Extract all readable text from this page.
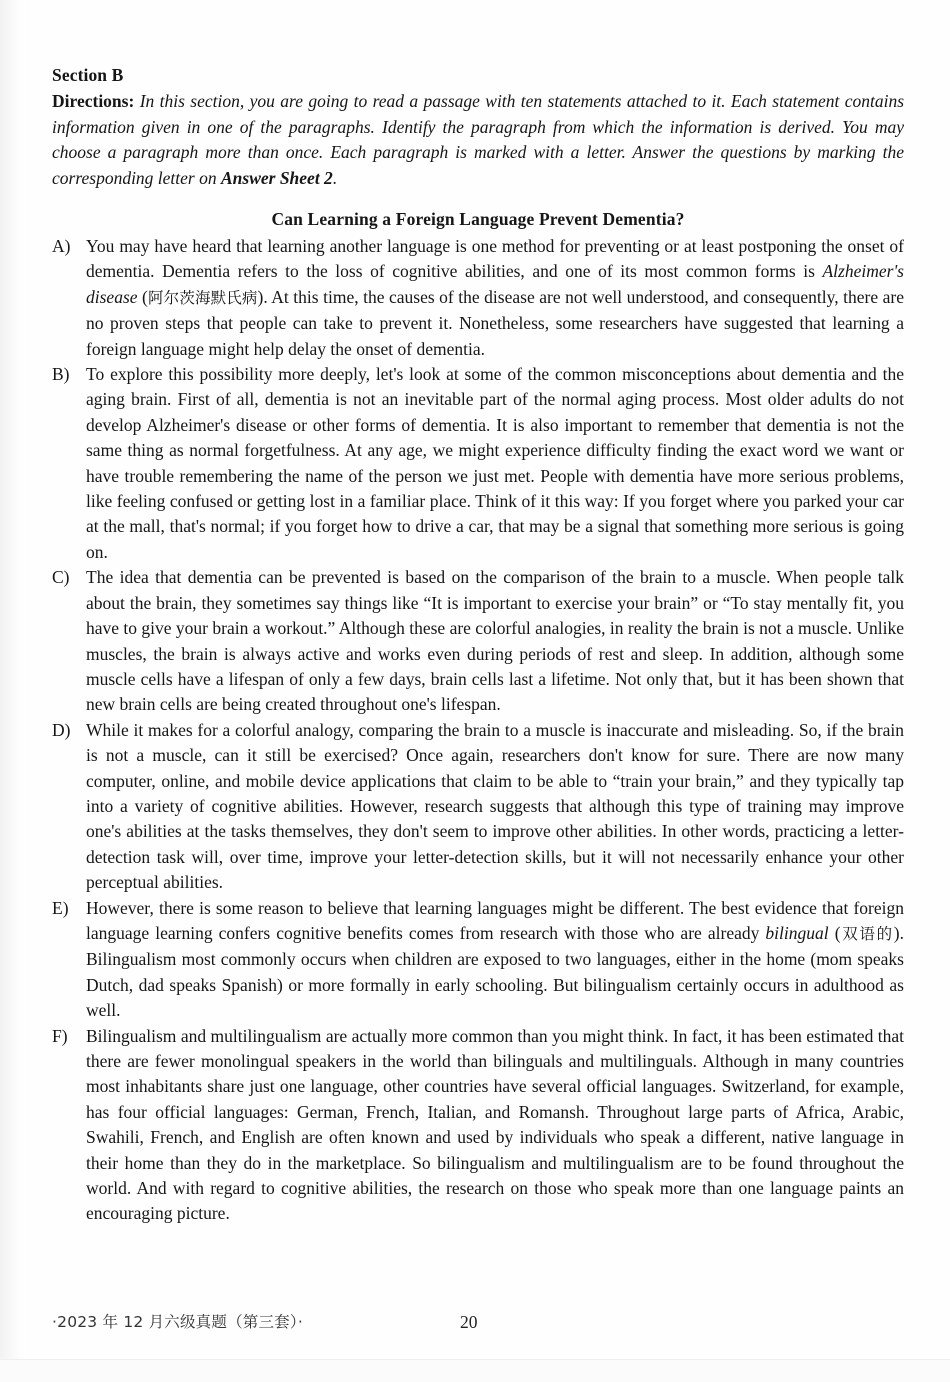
Section B
Directions: In this section, you are going to read a passage with ten statements attached to it. Each statement contains information given in one of the paragraphs. Identify the paragraph from which the information is derived. You may choose a paragraph more than once. Each paragraph is marked with a letter. Answer the questions by marking the corresponding letter on Answer Sheet 2.
Can Learning a Foreign Language Prevent Dementia?
A) You may have heard that learning another language is one method for preventing or at least postponing the onset of dementia. Dementia refers to the loss of cognitive abilities, and one of its most common forms is Alzheimer's disease (阿尔茨海默氏病). At this time, the causes of the disease are not well understood, and consequently, there are no proven steps that people can take to prevent it. Nonetheless, some researchers have suggested that learning a foreign language might help delay the onset of dementia.
B) To explore this possibility more deeply, let's look at some of the common misconceptions about dementia and the aging brain. First of all, dementia is not an inevitable part of the normal aging process. Most older adults do not develop Alzheimer's disease or other forms of dementia. It is also important to remember that dementia is not the same thing as normal forgetfulness. At any age, we might experience difficulty finding the exact word we want or have trouble remembering the name of the person we just met. People with dementia have more serious problems, like feeling confused or getting lost in a familiar place. Think of it this way: If you forget where you parked your car at the mall, that's normal; if you forget how to drive a car, that may be a signal that something more serious is going on.
C) The idea that dementia can be prevented is based on the comparison of the brain to a muscle. When people talk about the brain, they sometimes say things like “It is important to exercise your brain” or “To stay mentally fit, you have to give your brain a workout.” Although these are colorful analogies, in reality the brain is not a muscle. Unlike muscles, the brain is always active and works even during periods of rest and sleep. In addition, although some muscle cells have a lifespan of only a few days, brain cells last a lifetime. Not only that, but it has been shown that new brain cells are being created throughout one's lifespan.
D) While it makes for a colorful analogy, comparing the brain to a muscle is inaccurate and misleading. So, if the brain is not a muscle, can it still be exercised? Once again, researchers don't know for sure. There are now many computer, online, and mobile device applications that claim to be able to “train your brain,” and they typically tap into a variety of cognitive abilities. However, research suggests that although this type of training may improve one's abilities at the tasks themselves, they don't seem to improve other abilities. In other words, practicing a letter-detection task will, over time, improve your letter-detection skills, but it will not necessarily enhance your other perceptual abilities.
E) However, there is some reason to believe that learning languages might be different. The best evidence that foreign language learning confers cognitive benefits comes from research with those who are already bilingual (双语的). Bilingualism most commonly occurs when children are exposed to two languages, either in the home (mom speaks Dutch, dad speaks Spanish) or more formally in early schooling. But bilingualism certainly occurs in adulthood as well.
F)	Bilingualism and multilingualism are actually more common than you might think. In fact, it has been estimated that there are fewer monolingual speakers in the world than bilinguals and multilinguals. Although in many countries most inhabitants share just one language, other countries have several official languages. Switzerland, for example, has four official languages: German, French, Italian, and Romansh. Throughout large parts of Africa, Arabic, Swahili, French, and English are often known and used by individuals who speak a different, native language in their home than they do in the marketplace. So bilingualism and multilingualism are to be found throughout the world. And with regard to cognitive abilities, the research on those who speak more than one language paints an encouraging picture.
·2023 年 12 月六级真题（第三套）·	20
